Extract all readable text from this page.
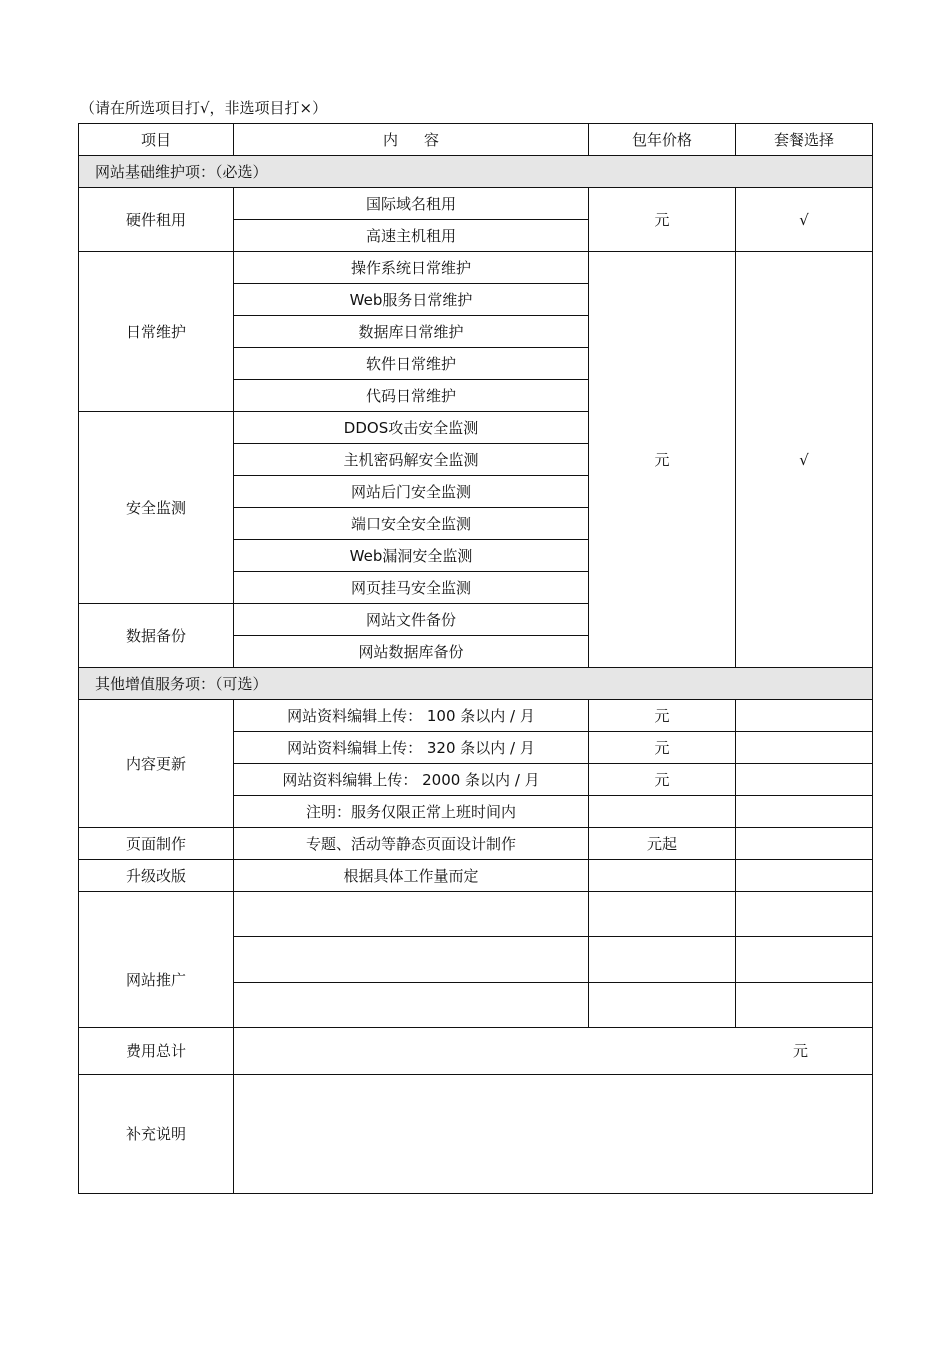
（请在所选项目打√，非选项目打×）
项目	内 容	包年价格	套餐选择
网站基础维护项：（必选）			
硬件租用	国际域名租用	元	√
	高速主机租用		
日常维护	操作系统日常维护	元	√
	Web服务日常维护		
	数据库日常维护		
	软件日常维护		
	代码日常维护		
安全监测	DDOS攻击安全监测		
	主机密码解安全监测		
	网站后门安全监测		
	端口安全安全监测		
	Web漏洞安全监测		
	网页挂马安全监测		
数据备份	网站文件备份		
	网站数据库备份		
其他增值服务项：（可选）			
内容更新	网站资料编辑上传： 100 条以内 / 月	元	
	网站资料编辑上传： 320 条以内 / 月	元	
	网站资料编辑上传： 2000 条以内 / 月	元	
	注明：服务仅限正常上班时间内		
页面制作	专题、活动等静态页面设计制作	元起	
升级改版	根据具体工作量而定		
网站推广			

费用总计	元		
补充说明			
